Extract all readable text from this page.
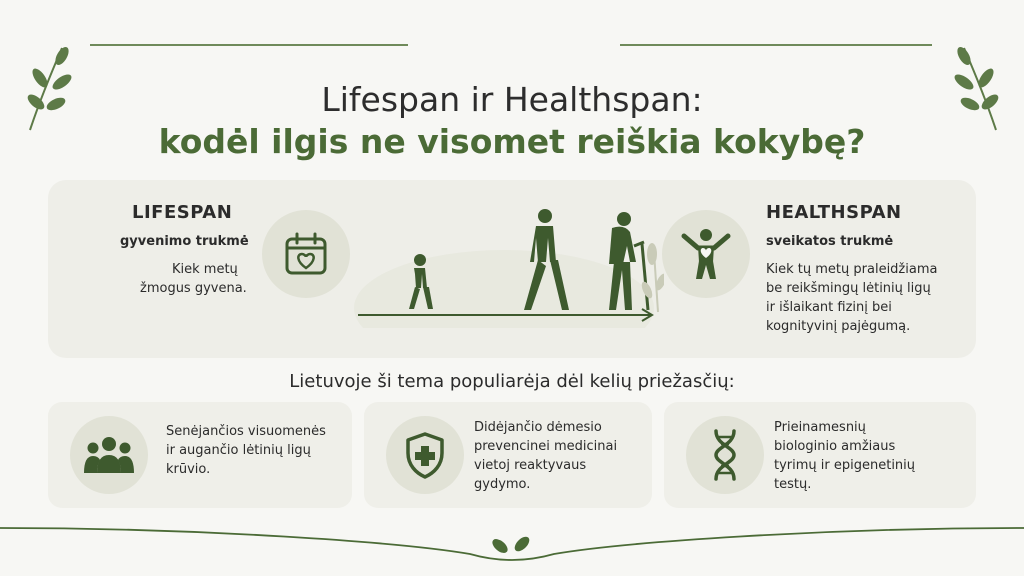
Lifespan ir Healthspan:
kodėl ilgis ne visomet reiškia kokybę?
LIFESPAN
gyvenimo trukmė
Kiek metų
žmogus gyvena.
HEALTHSPAN
sveikatos trukmė
Kiek tų metų praleidžiama
be reikšmingų lėtinių ligų
ir išlaikant fizinį bei
kognityvinį pajėgumą.
Lietuvoje ši tema populiarėja dėl kelių priežasčių:
Senėjančios visuomenės
ir augančio lėtinių ligų
krūvio.
Didėjančio dėmesio
prevencinei medicinai
vietoj reaktyvaus
gydymo.
Prieinamesnių
biologinio amžiaus
tyrimų ir epigenetinių
testų.
